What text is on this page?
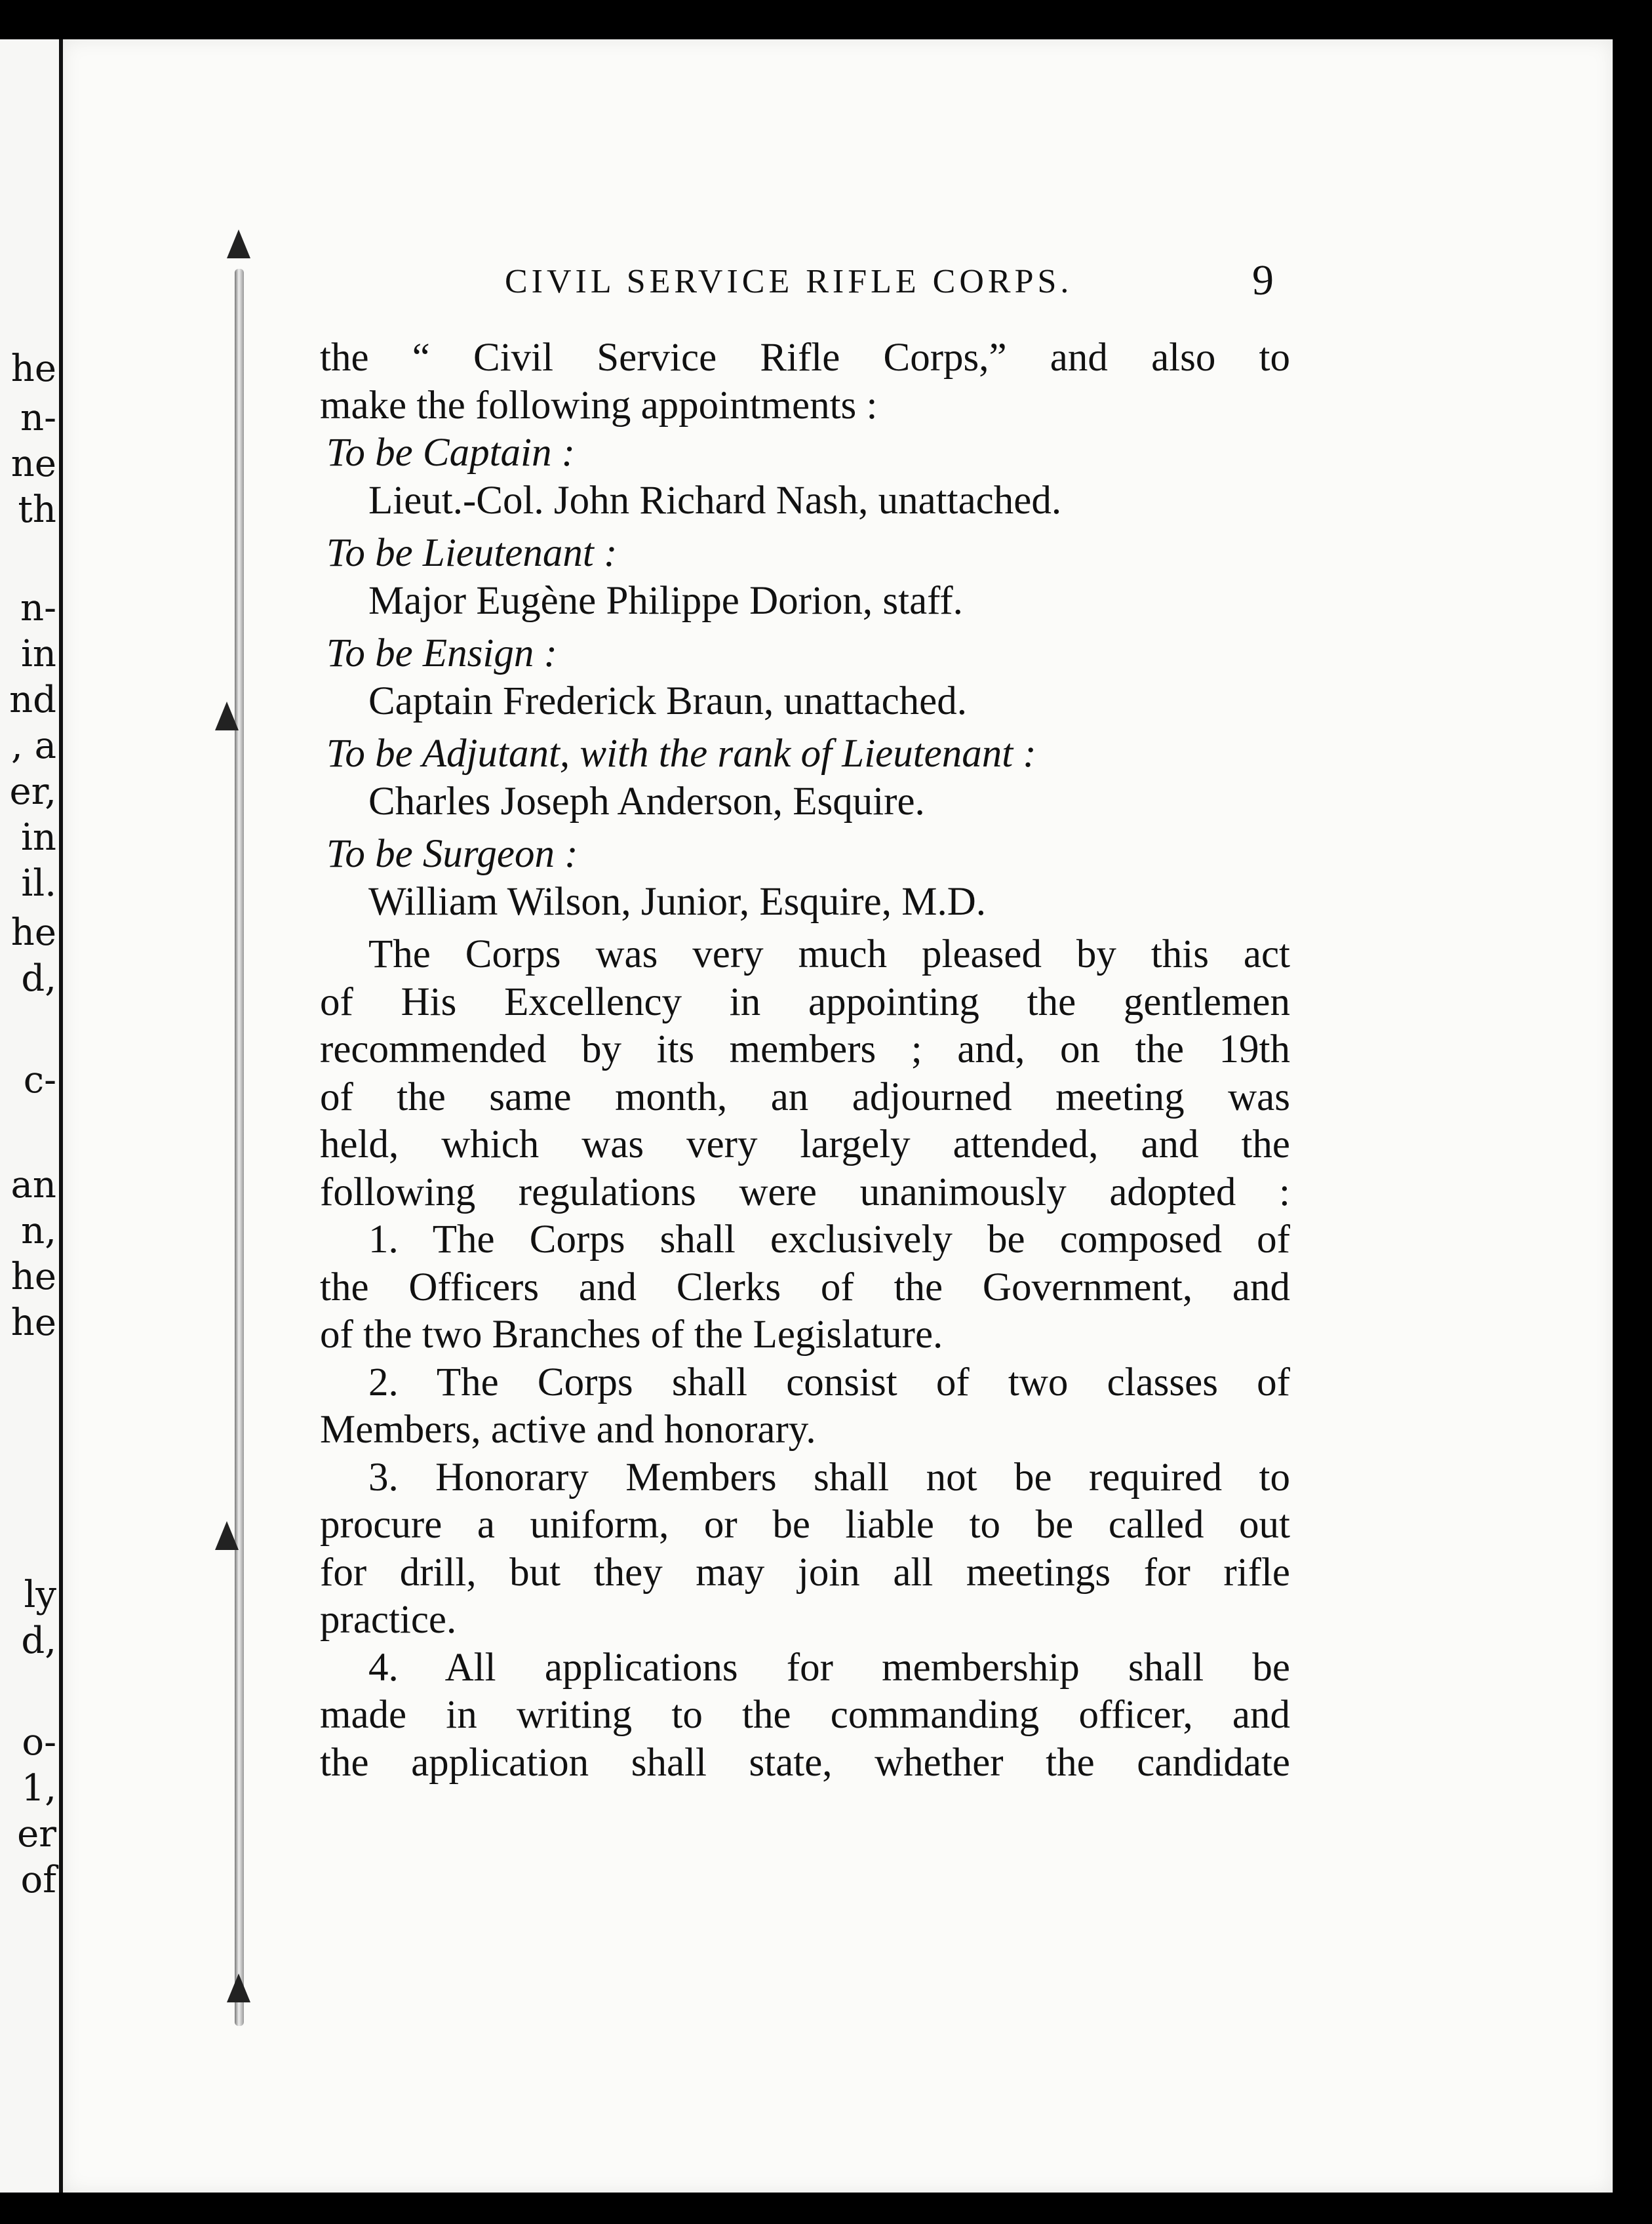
he
n-
ne
th
n-
in
nd
, a
er,
in
il.
he
d,
c-
an
n,
he
he
ly
d,
o-
1,
er
of
CIVIL SERVICE RIFLE CORPS.	9

the “ Civil Service Rifle Corps,” and also to

make the following appointments :

To be Captain :

Lieut.-Col. John Richard Nash, unattached.

To be Lieutenant :

Major Eugène Philippe Dorion, staff.

To be Ensign :

Captain Frederick Braun, unattached.

To be Adjutant, with the rank of Lieutenant :

Charles Joseph Anderson, Esquire.

To be Surgeon :

William Wilson, Junior, Esquire, M.D.

The Corps was very much pleased by this act

of His Excellency in appointing the gentlemen

recommended by its members ; and, on the 19th

of the same month, an adjourned meeting was

held, which was very largely attended, and the

following regulations were unanimously adopted :

1. The Corps shall exclusively be composed of

the Officers and Clerks of the Government, and

of the two Branches of the Legislature.

2. The Corps shall consist of two classes of

Members, active and honorary.

3. Honorary Members shall not be required to

procure a uniform, or be liable to be called out

for drill, but they may join all meetings for rifle

practice.

4. All applications for membership shall be

made in writing to the commanding officer, and

the application shall state, whether the candidate
